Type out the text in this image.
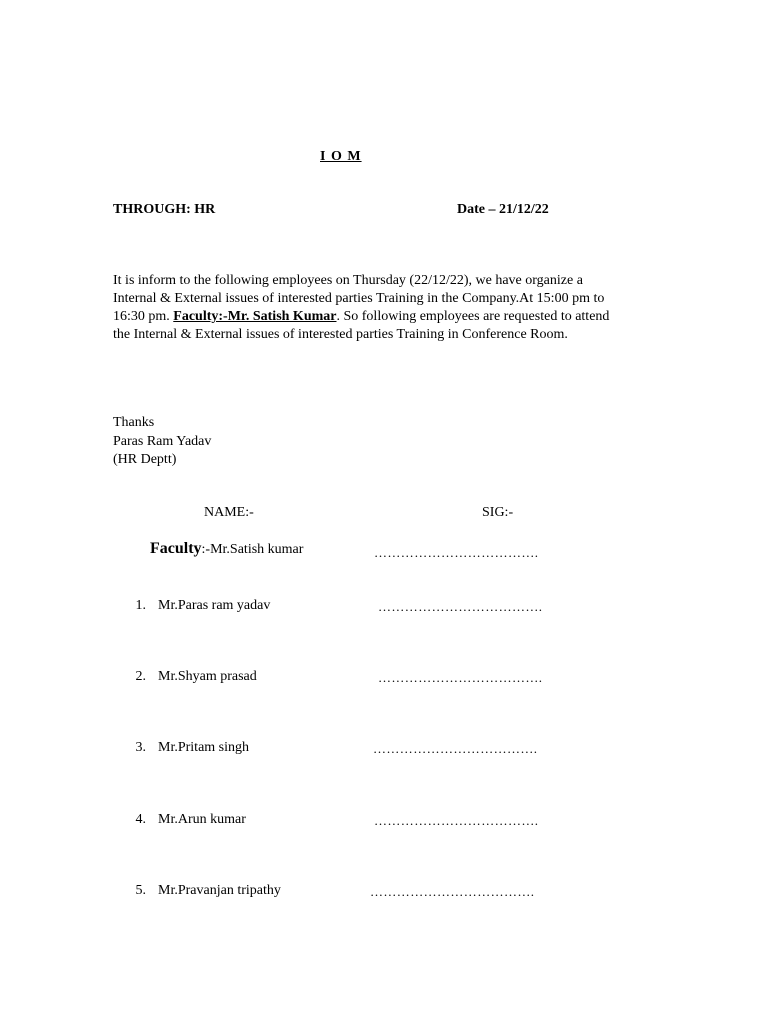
I O M
THROUGH: HR	Date – 21/12/22
It is inform to the following employees on Thursday (22/12/22), we have organize a
Internal & External issues of interested parties Training in the Company.At 15:00 pm to
16:30 pm. Faculty:-Mr. Satish Kumar. So following employees are requested to attend
the Internal & External issues of interested parties Training in Conference Room.
Thanks
Paras Ram Yadav
(HR Deptt)
NAME:-	SIG:-
Faculty:-Mr.Satish kumar	……………………………….
1. Mr.Paras ram yadav	……………………………….
2. Mr.Shyam prasad	……………………………….
3. Mr.Pritam singh	……………………………….
4. Mr.Arun kumar	……………………………….
5. Mr.Pravanjan tripathy	……………………………….
